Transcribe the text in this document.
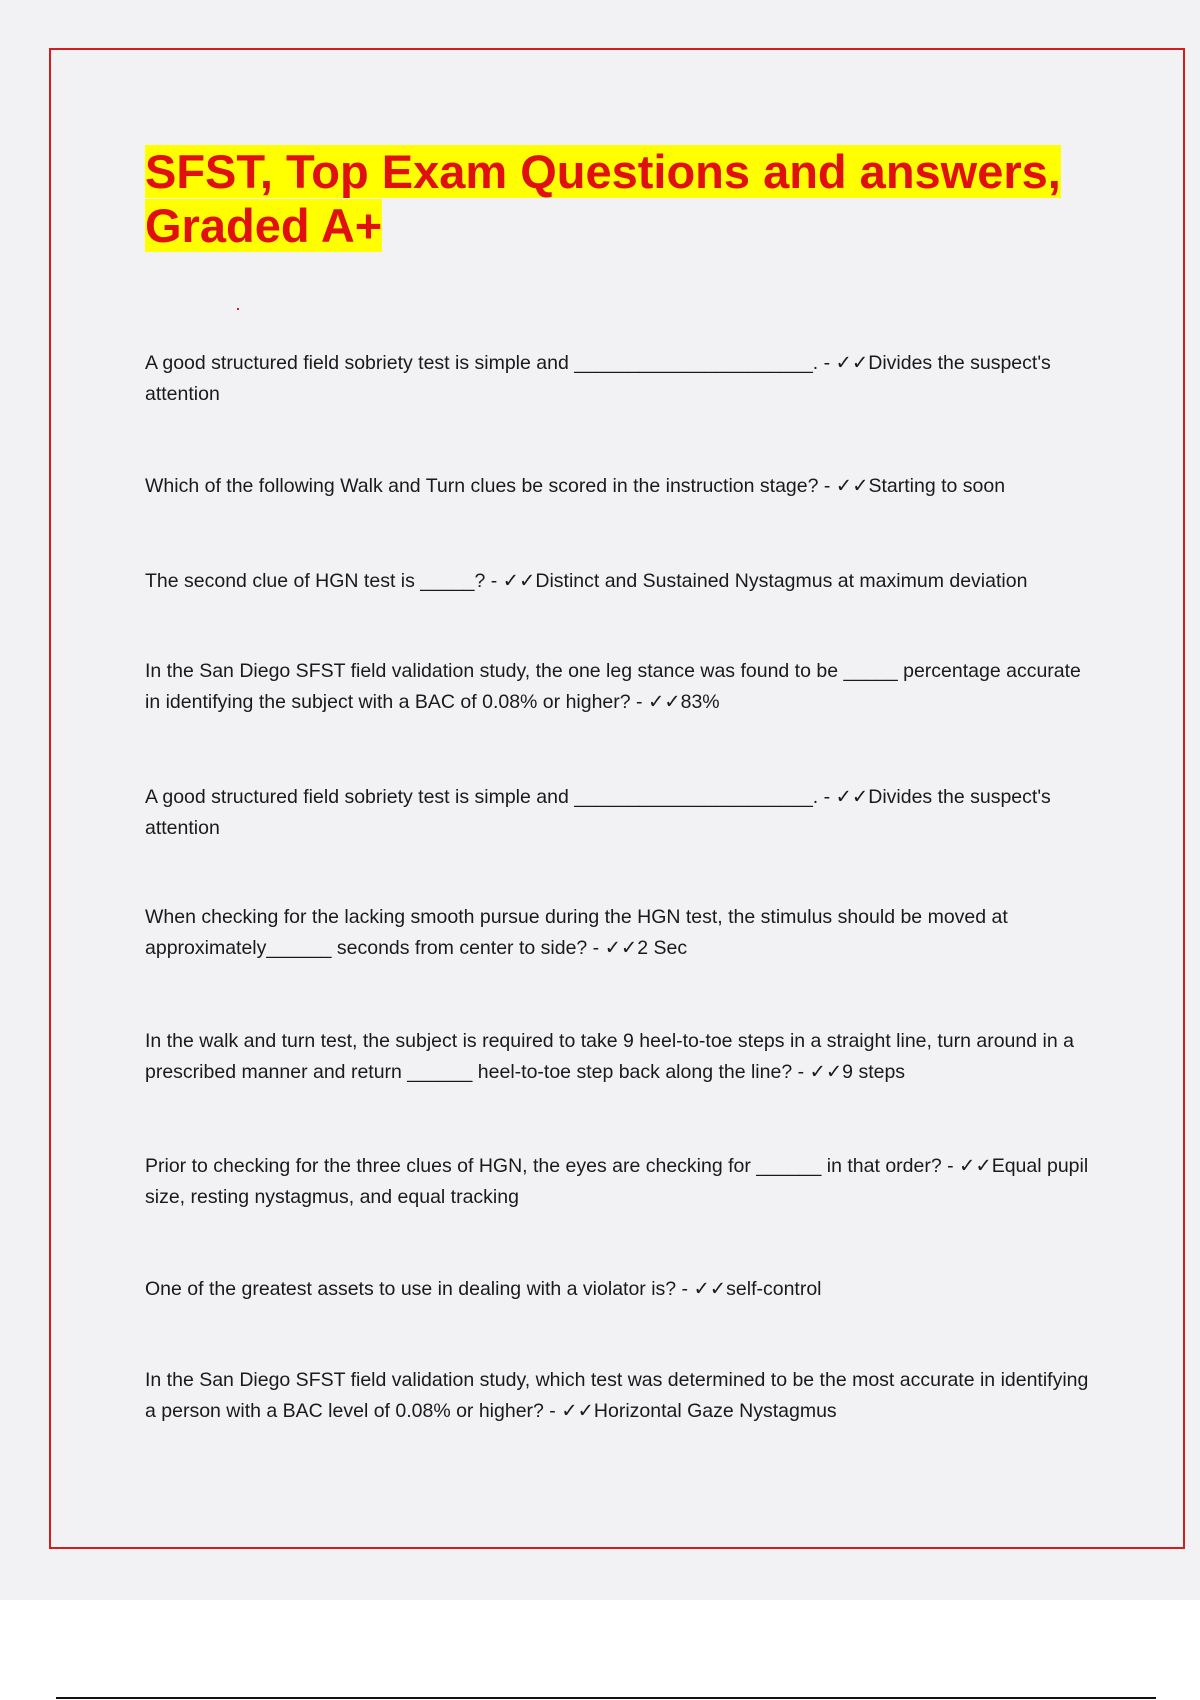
SFST, Top Exam Questions and answers, Graded A+

A good structured field sobriety test is simple and ______________________. - ✓✓Divides the suspect's attention

Which of the following Walk and Turn clues be scored in the instruction stage? - ✓✓Starting to soon

The second clue of HGN test is _____? - ✓✓Distinct and Sustained Nystagmus at maximum deviation

In the San Diego SFST field validation study, the one leg stance was found to be _____ percentage accurate in identifying the subject with a BAC of 0.08% or higher? - ✓✓83%

A good structured field sobriety test is simple and ______________________. - ✓✓Divides the suspect's attention

When checking for the lacking smooth pursue during the HGN test, the stimulus should be moved at approximately______ seconds from center to side? - ✓✓2 Sec

In the walk and turn test, the subject is required to take 9 heel-to-toe steps in a straight line, turn around in a prescribed manner and return ______ heel-to-toe step back along the line? - ✓✓9 steps

Prior to checking for the three clues of HGN, the eyes are checking for ______ in that order? - ✓✓Equal pupil size, resting nystagmus, and equal tracking

One of the greatest assets to use in dealing with a violator is? - ✓✓self-control

In the San Diego SFST field validation study, which test was determined to be the most accurate in identifying a person with a BAC level of 0.08% or higher? - ✓✓Horizontal Gaze Nystagmus
